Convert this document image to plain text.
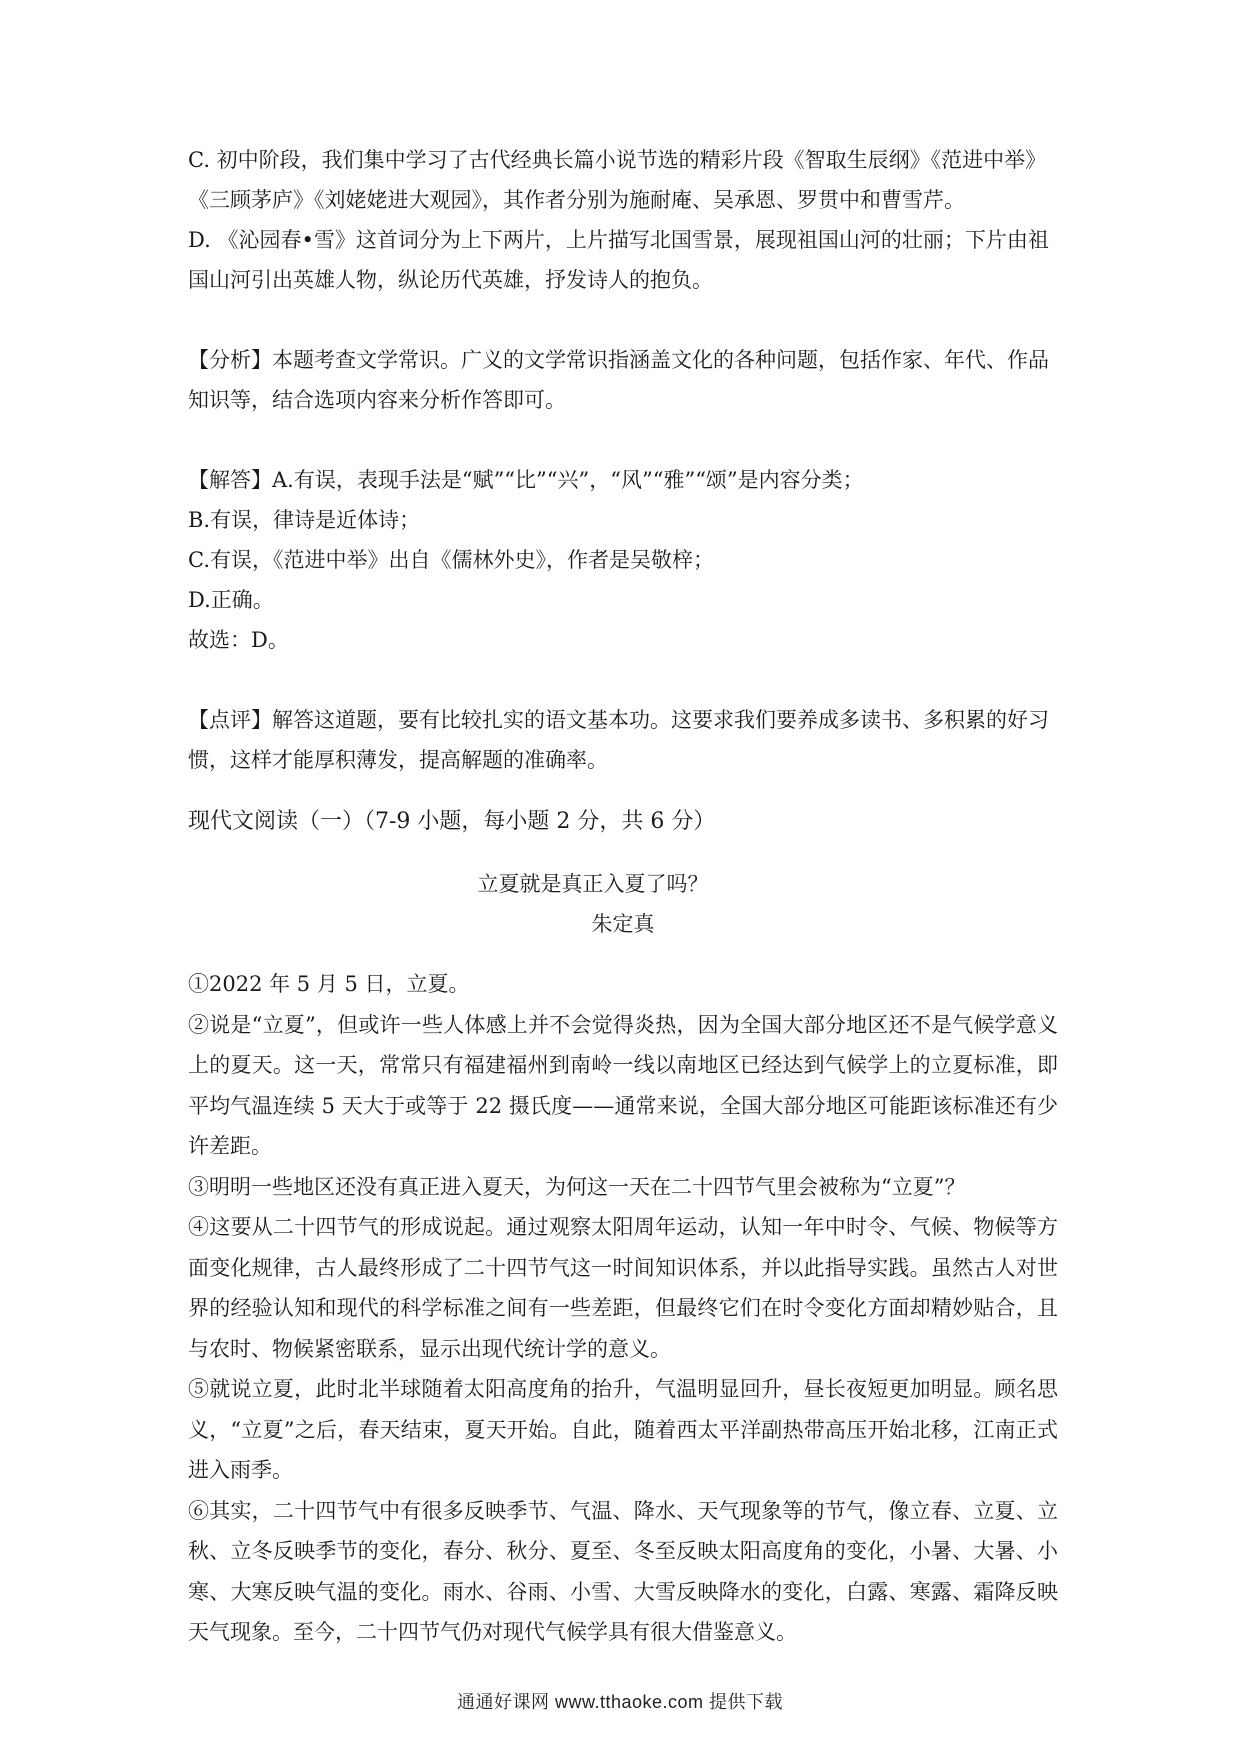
C. 初中阶段，我们集中学习了古代经典长篇小说节选的精彩片段《智取生辰纲》《范进中举》《三顾茅庐》《刘姥姥进大观园》，其作者分别为施耐庵、吴承恩、罗贯中和曹雪芹。

D. 《沁园春•雪》这首词分为上下两片，上片描写北国雪景，展现祖国山河的壮丽；下片由祖国山河引出英雄人物，纵论历代英雄，抒发诗人的抱负。

【分析】本题考查文学常识。广义的文学常识指涵盖文化的各种问题，包括作家、年代、作品知识等，结合选项内容来分析作答即可。

【解答】A.有误，表现手法是“赋”“比”“兴”，“风”“雅”“颂”是内容分类；

B.有误，律诗是近体诗；

C.有误，《范进中举》出自《儒林外史》，作者是吴敬梓；

D.正确。

故选：D。

【点评】解答这道题，要有比较扎实的语文基本功。这要求我们要养成多读书、多积累的好习惯，这样才能厚积薄发，提高解题的准确率。

现代文阅读（一）（7-9 小题，每小题 2 分，共 6 分）

立夏就是真正入夏了吗？

朱定真

①2022 年 5 月 5 日，立夏。

②说是“立夏”，但或许一些人体感上并不会觉得炎热，因为全国大部分地区还不是气候学意义上的夏天。这一天，常常只有福建福州到南岭一线以南地区已经达到气候学上的立夏标准，即平均气温连续 5 天大于或等于 22 摄氏度——通常来说，全国大部分地区可能距该标准还有少许差距。

③明明一些地区还没有真正进入夏天，为何这一天在二十四节气里会被称为“立夏”？

④这要从二十四节气的形成说起。通过观察太阳周年运动，认知一年中时令、气候、物候等方面变化规律，古人最终形成了二十四节气这一时间知识体系，并以此指导实践。虽然古人对世界的经验认知和现代的科学标准之间有一些差距，但最终它们在时令变化方面却精妙贴合，且与农时、物候紧密联系，显示出现代统计学的意义。

⑤就说立夏，此时北半球随着太阳高度角的抬升，气温明显回升，昼长夜短更加明显。顾名思义，“立夏”之后，春天结束，夏天开始。自此，随着西太平洋副热带高压开始北移，江南正式进入雨季。

⑥其实，二十四节气中有很多反映季节、气温、降水、天气现象等的节气，像立春、立夏、立秋、立冬反映季节的变化，春分、秋分、夏至、冬至反映太阳高度角的变化，小暑、大暑、小寒、大寒反映气温的变化。雨水、谷雨、小雪、大雪反映降水的变化，白露、寒露、霜降反映天气现象。至今，二十四节气仍对现代气候学具有很大借鉴意义。

通通好课网 www.tthaoke.com 提供下载
